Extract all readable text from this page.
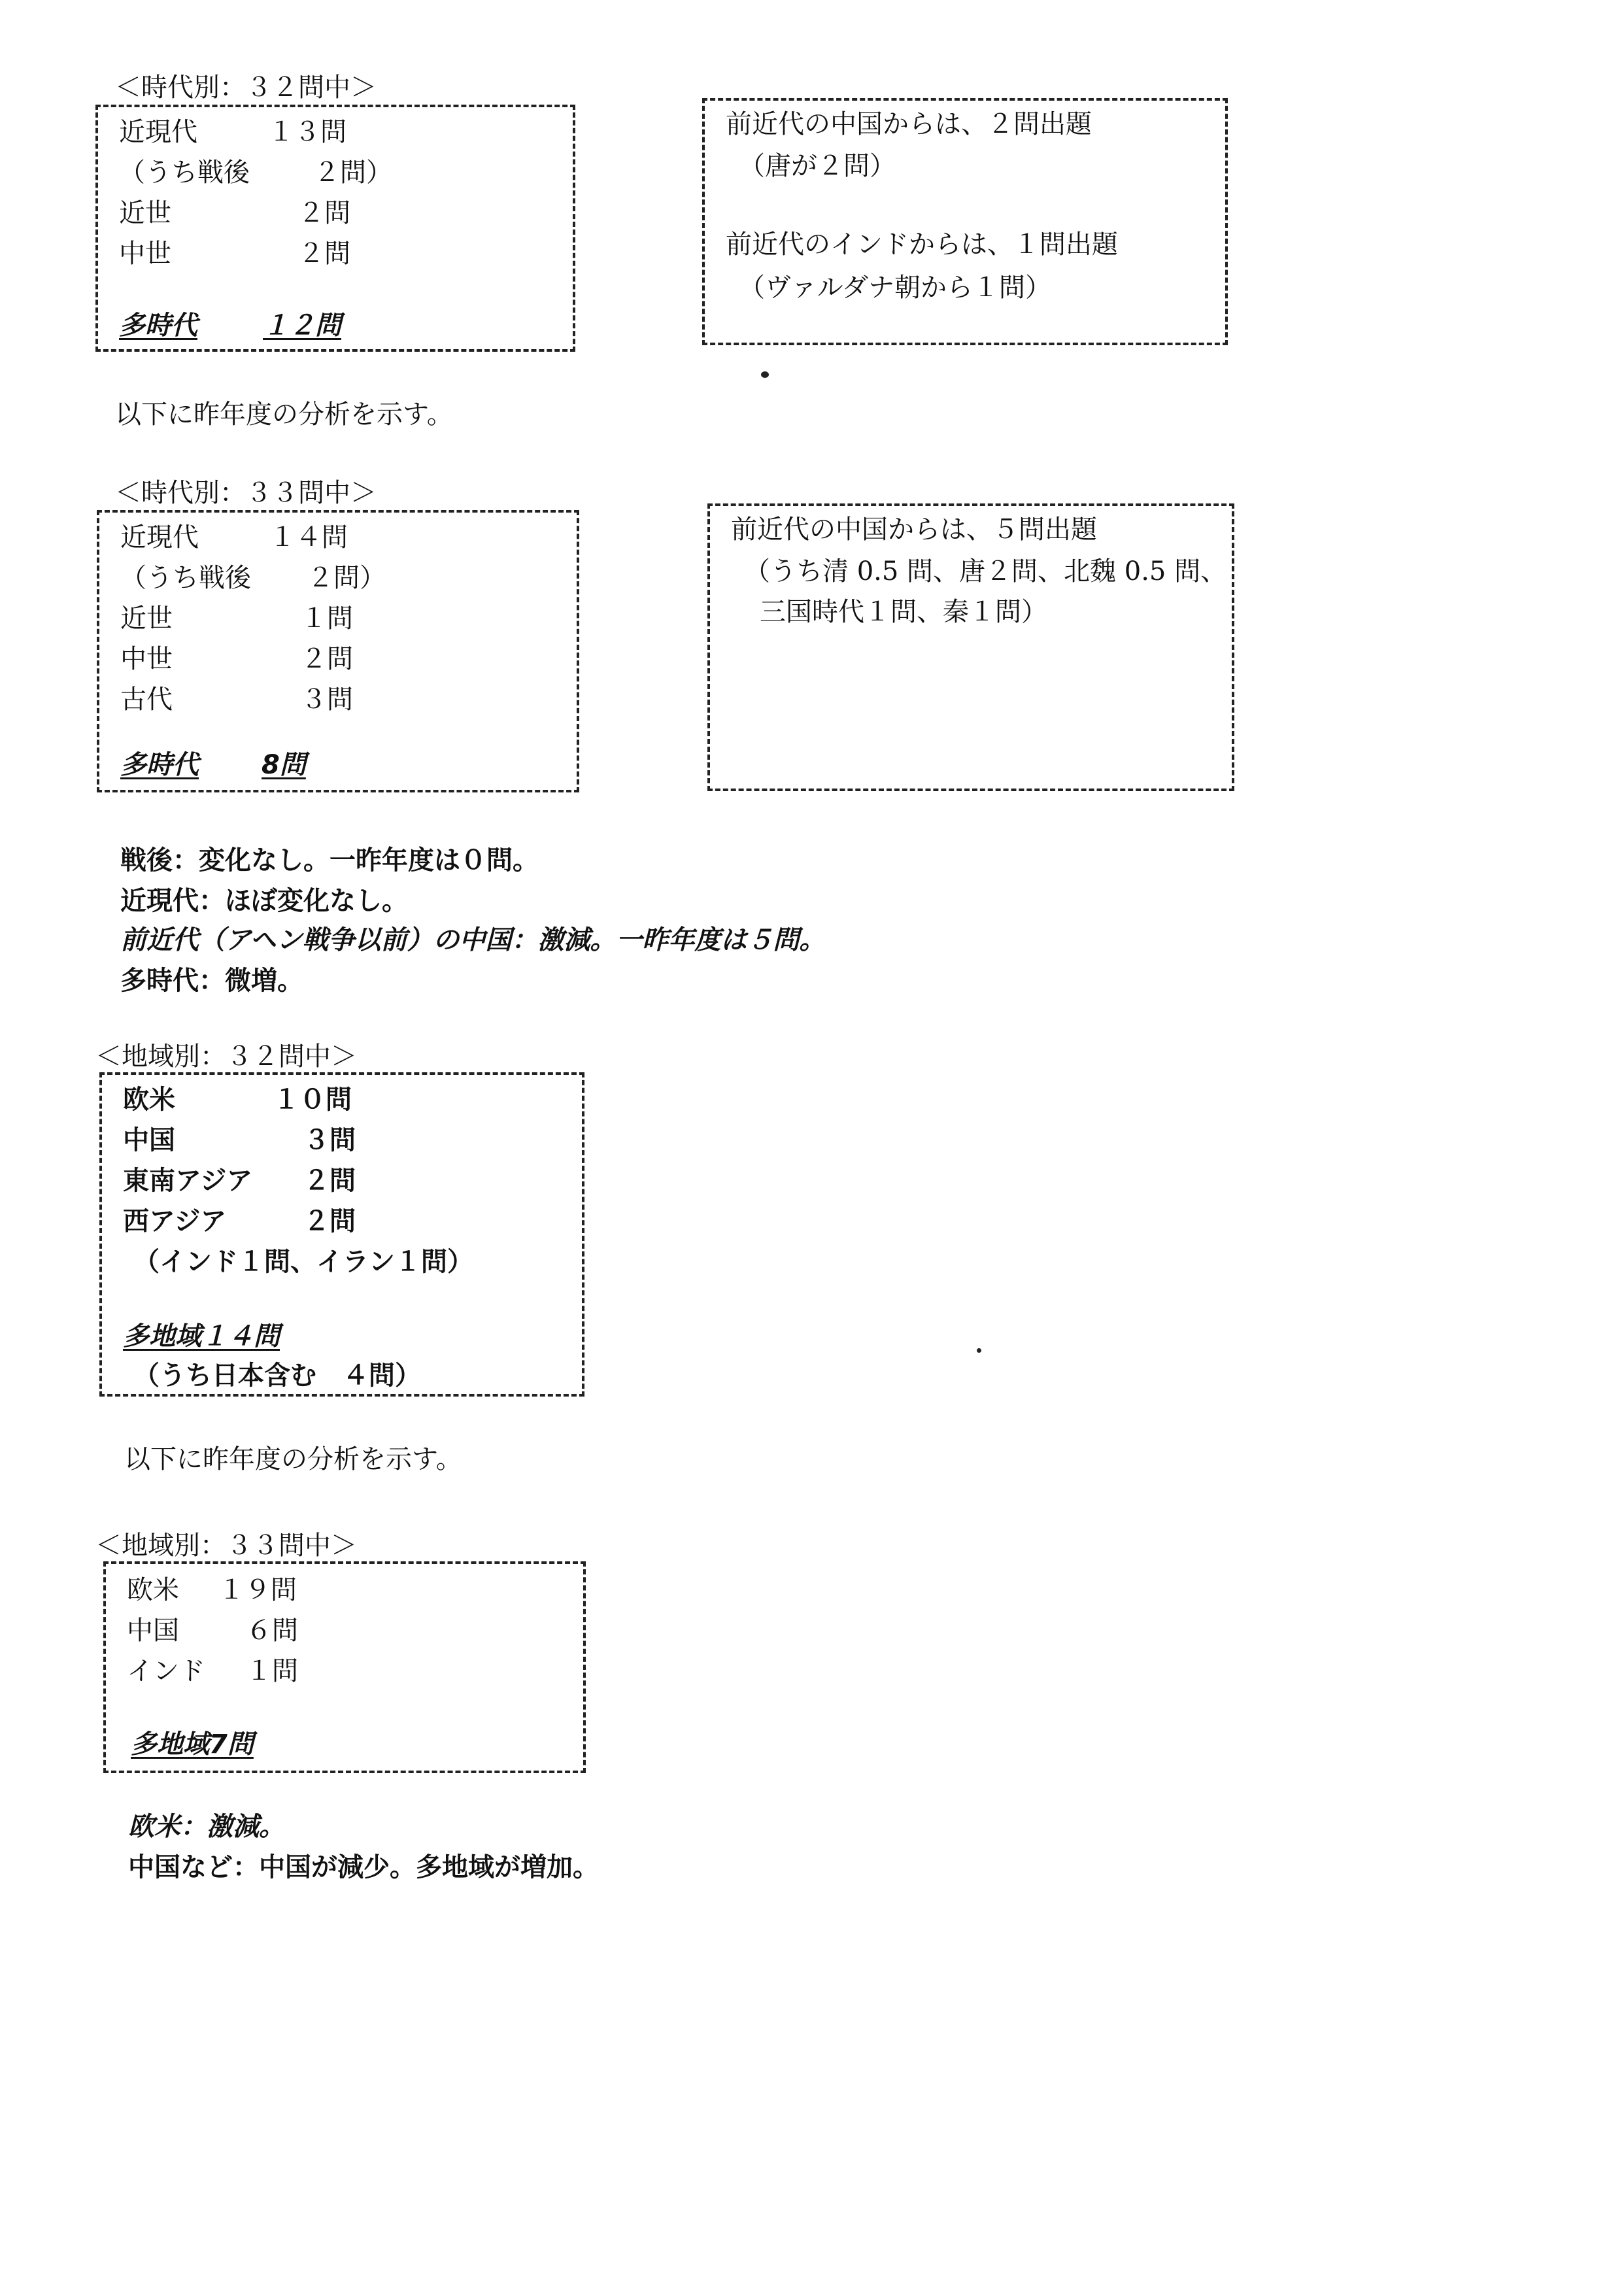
＜時代別：３２問中＞
近現代	１３問
（うち戦後 ２問）
近世	２問
中世	２問
多時代	１２問
前近代の中国からは、２問出題
（唐が２問）
前近代のインドからは、１問出題
（ヴァルダナ朝から１問）
以下に昨年度の分析を示す。
＜時代別：３３問中＞
近現代	１４問
（うち戦後 ２問）
近世	１問
中世	２問
古代	３問
多時代 8問
前近代の中国からは、５問出題
（うち清 0.5 問、唐２問、北魏 0.5 問、
三国時代１問、秦１問）
戦後：変化なし。一昨年度は０問。
近現代：ほぼ変化なし。
前近代（アヘン戦争以前）の中国：激減。一昨年度は５問。
多時代：微増。
＜地域別：３２問中＞
欧米	１０問
中国	３問
東南アジア ２問
西アジア	２問
（インド１問、イラン１問）
多地域１４問
（うち日本含む　４問）
以下に昨年度の分析を示す。
＜地域別：３３問中＞
欧米 １９問
中国	６問
インド １問
多地域7問
欧米：激減。
中国など：中国が減少。多地域が増加。
